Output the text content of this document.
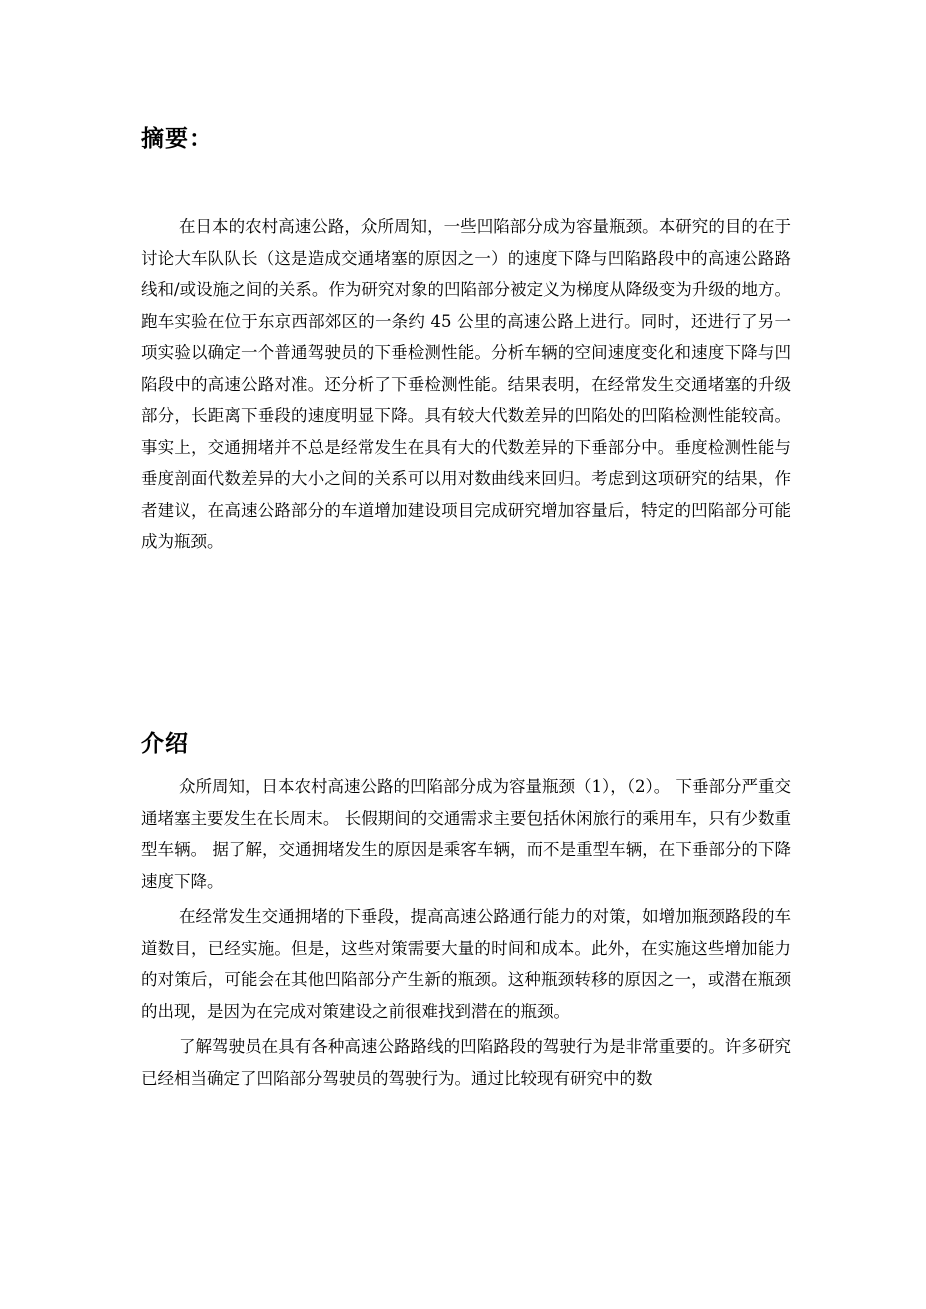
摘要：

在日本的农村高速公路，众所周知，一些凹陷部分成为容量瓶颈。本研究的目的在于讨论大车队队长（这是造成交通堵塞的原因之一）的速度下降与凹陷路段中的高速公路路线和/或设施之间的关系。作为研究对象的凹陷部分被定义为梯度从降级变为升级的地方。跑车实验在位于东京西部郊区的一条约 45 公里的高速公路上进行。同时，还进行了另一项实验以确定一个普通驾驶员的下垂检测性能。分析车辆的空间速度变化和速度下降与凹陷段中的高速公路对准。还分析了下垂检测性能。结果表明，在经常发生交通堵塞的升级部分，长距离下垂段的速度明显下降。具有较大代数差异的凹陷处的凹陷检测性能较高。事实上，交通拥堵并不总是经常发生在具有大的代数差异的下垂部分中。垂度检测性能与垂度剖面代数差异的大小之间的关系可以用对数曲线来回归。考虑到这项研究的结果，作者建议，在高速公路部分的车道增加建设项目完成研究增加容量后，特定的凹陷部分可能成为瓶颈。

介绍

众所周知，日本农村高速公路的凹陷部分成为容量瓶颈（1），（2）。 下垂部分严重交通堵塞主要发生在长周末。 长假期间的交通需求主要包括休闲旅行的乘用车，只有少数重型车辆。 据了解，交通拥堵发生的原因是乘客车辆，而不是重型车辆，在下垂部分的下降速度下降。

在经常发生交通拥堵的下垂段，提高高速公路通行能力的对策，如增加瓶颈路段的车道数目，已经实施。但是，这些对策需要大量的时间和成本。此外，在实施这些增加能力的对策后，可能会在其他凹陷部分产生新的瓶颈。这种瓶颈转移的原因之一，或潜在瓶颈的出现，是因为在完成对策建设之前很难找到潜在的瓶颈。

了解驾驶员在具有各种高速公路路线的凹陷路段的驾驶行为是非常重要的。许多研究已经相当确定了凹陷部分驾驶员的驾驶行为。通过比较现有研究中的数
